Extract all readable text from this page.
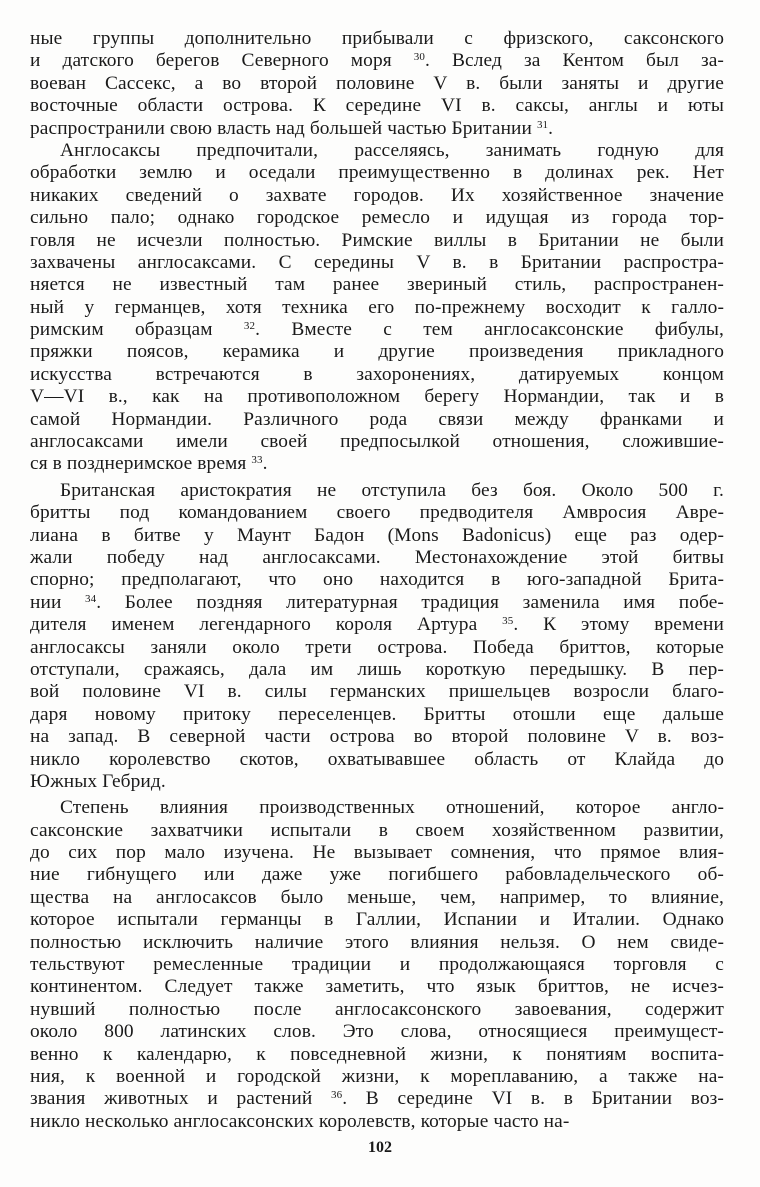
ные группы дополнительно прибывали с фризского, саксонского
и датского берегов Северного моря $^{30}$. Вслед за Кентом был за-
воеван Сассекс, а во второй половине V в. были заняты и другие
восточные области острова. К середине VI в. саксы, англы и юты
распространили свою власть над большей частью Британии $^{31}$.
Англосаксы предпочитали, расселяясь, занимать годную для
обработки землю и оседали преимущественно в долинах рек. Нет
никаких сведений о захвате городов. Их хозяйственное значение
сильно пало; однако городское ремесло и идущая из города тор-
говля не исчезли полностью. Римские виллы в Британии не были
захвачены англосаксами. С середины V в. в Британии распростра-
няется не известный там ранее звериный стиль, распространен-
ный у германцев, хотя техника его по-прежнему восходит к галло-
римским образцам $^{32}$. Вместе с тем англосаксонские фибулы,
пряжки поясов, керамика и другие произведения прикладного
искусства встречаются в захоронениях, датируемых концом
V—VI в., как на противоположном берегу Нормандии, так и в
самой Нормандии. Различного рода связи между франками и
англосаксами имели своей предпосылкой отношения, сложившие-
ся в позднеримское время $^{33}$.
Британская аристократия не отступила без боя. Около 500 г.
бритты под командованием своего предводителя Амвросия Авре-
лиана в битве у Маунт Бадон (Mons Badonicus) еще раз одер-
жали победу над англосаксами. Местонахождение этой битвы
спорно; предполагают, что оно находится в юго-западной Брита-
нии $^{34}$. Более поздняя литературная традиция заменила имя побе-
дителя именем легендарного короля Артура $^{35}$. К этому времени
англосаксы заняли около трети острова. Победа бриттов, которые
отступали, сражаясь, дала им лишь короткую передышку. В пер-
вой половине VI в. силы германских пришельцев возросли благо-
даря новому притоку переселенцев. Бритты отошли еще дальше
на запад. В северной части острова во второй половине V в. воз-
никло королевство скотов, охватывавшее область от Клайда до
Южных Гебрид.
Степень влияния производственных отношений, которое англо-
саксонские захватчики испытали в своем хозяйственном развитии,
до сих пор мало изучена. Не вызывает сомнения, что прямое влия-
ние гибнущего или даже уже погибшего рабовладельческого об-
щества на англосаксов было меньше, чем, например, то влияние,
которое испытали германцы в Галлии, Испании и Италии. Однако
полностью исключить наличие этого влияния нельзя. О нем свиде-
тельствуют ремесленные традиции и продолжающаяся торговля с
континентом. Следует также заметить, что язык бриттов, не исчез-
нувший полностью после англосаксонского завоевания, содержит
около 800 латинских слов. Это слова, относящиеся преимущест-
венно к календарю, к повседневной жизни, к понятиям воспита-
ния, к военной и городской жизни, к мореплаванию, а также на-
звания животных и растений $^{36}$. В середине VI в. в Британии воз-
никло несколько англосаксонских королевств, которые часто на-
102
